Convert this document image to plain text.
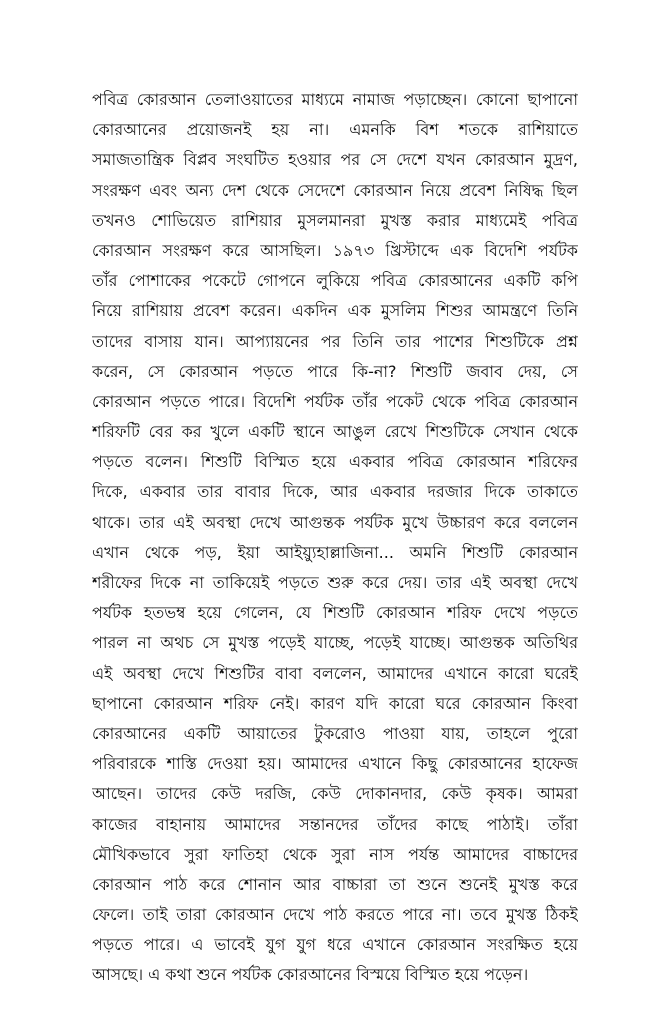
পবিত্র কোরআন তেলাওয়াতের মাধ্যমে নামাজ পড়াচ্ছেন। কোনো ছাপানো
কোরআনের প্রয়োজনই হয় না। এমনকি বিশ শতকে রাশিয়াতে
সমাজতান্ত্রিক বিপ্লব সংঘটিত হওয়ার পর সে দেশে যখন কোরআন মুদ্রণ,
সংরক্ষণ এবং অন্য দেশ থেকে সেদেশে কোরআন নিয়ে প্রবেশ নিষিদ্ধ ছিল
তখনও শোভিয়েত রাশিয়ার মুসলমানরা মুখস্ত করার মাধ্যমেই পবিত্র
কোরআন সংরক্ষণ করে আসছিল। ১৯৭৩ খ্রিস্টাব্দে এক বিদেশি পর্যটক
তাঁর পোশাকের পকেটে গোপনে লুকিয়ে পবিত্র কোরআনের একটি কপি
নিয়ে রাশিয়ায় প্রবেশ করেন। একদিন এক মুসলিম শিশুর আমন্ত্রণে তিনি
তাদের বাসায় যান। আপ্যায়নের পর তিনি তার পাশের শিশুটিকে প্রশ্ন
করেন, সে কোরআন পড়তে পারে কি-না? শিশুটি জবাব দেয়, সে
কোরআন পড়তে পারে। বিদেশি পর্যটক তাঁর পকেট থেকে পবিত্র কোরআন
শরিফটি বের কর খুলে একটি স্থানে আঙুল রেখে শিশুটিকে সেখান থেকে
পড়তে বলেন। শিশুটি বিস্মিত হয়ে একবার পবিত্র কোরআন শরিফের
দিকে, একবার তার বাবার দিকে, আর একবার দরজার দিকে তাকাতে
থাকে। তার এই অবস্থা দেখে আগুন্তক পর্যটক মুখে উচ্চারণ করে বললেন
এখান থেকে পড়, ইয়া আইয়্যুহাল্লাজিনা... অমনি শিশুটি কোরআন
শরীফের দিকে না তাকিয়েই পড়তে শুরু করে দেয়। তার এই অবস্থা দেখে
পর্যটক হতভম্ব হয়ে গেলেন, যে শিশুটি কোরআন শরিফ দেখে পড়তে
পারল না অথচ সে মুখস্ত পড়েই যাচ্ছে, পড়েই যাচ্ছে। আগুন্তক অতিথির
এই অবস্থা দেখে শিশুটির বাবা বললেন, আমাদের এখানে কারো ঘরেই
ছাপানো কোরআন শরিফ নেই। কারণ যদি কারো ঘরে কোরআন কিংবা
কোরআনের একটি আয়াতের টুকরোও পাওয়া যায়, তাহলে পুরো
পরিবারকে শাস্তি দেওয়া হয়। আমাদের এখানে কিছু কোরআনের হাফেজ
আছেন। তাদের কেউ দরজি, কেউ দোকানদার, কেউ কৃষক। আমরা
কাজের বাহানায় আমাদের সন্তানদের তাঁদের কাছে পাঠাই। তাঁরা
মৌখিকভাবে সুরা ফাতিহা থেকে সুরা নাস পর্যন্ত আমাদের বাচ্চাদের
কোরআন পাঠ করে শোনান আর বাচ্চারা তা শুনে শুনেই মুখস্ত করে
ফেলে। তাই তারা কোরআন দেখে পাঠ করতে পারে না। তবে মুখস্ত ঠিকই
পড়তে পারে। এ ভাবেই যুগ যুগ ধরে এখানে কোরআন সংরক্ষিত হয়ে
আসছে। এ কথা শুনে পর্যটক কোরআনের বিস্ময়ে বিস্মিত হয়ে পড়েন।
